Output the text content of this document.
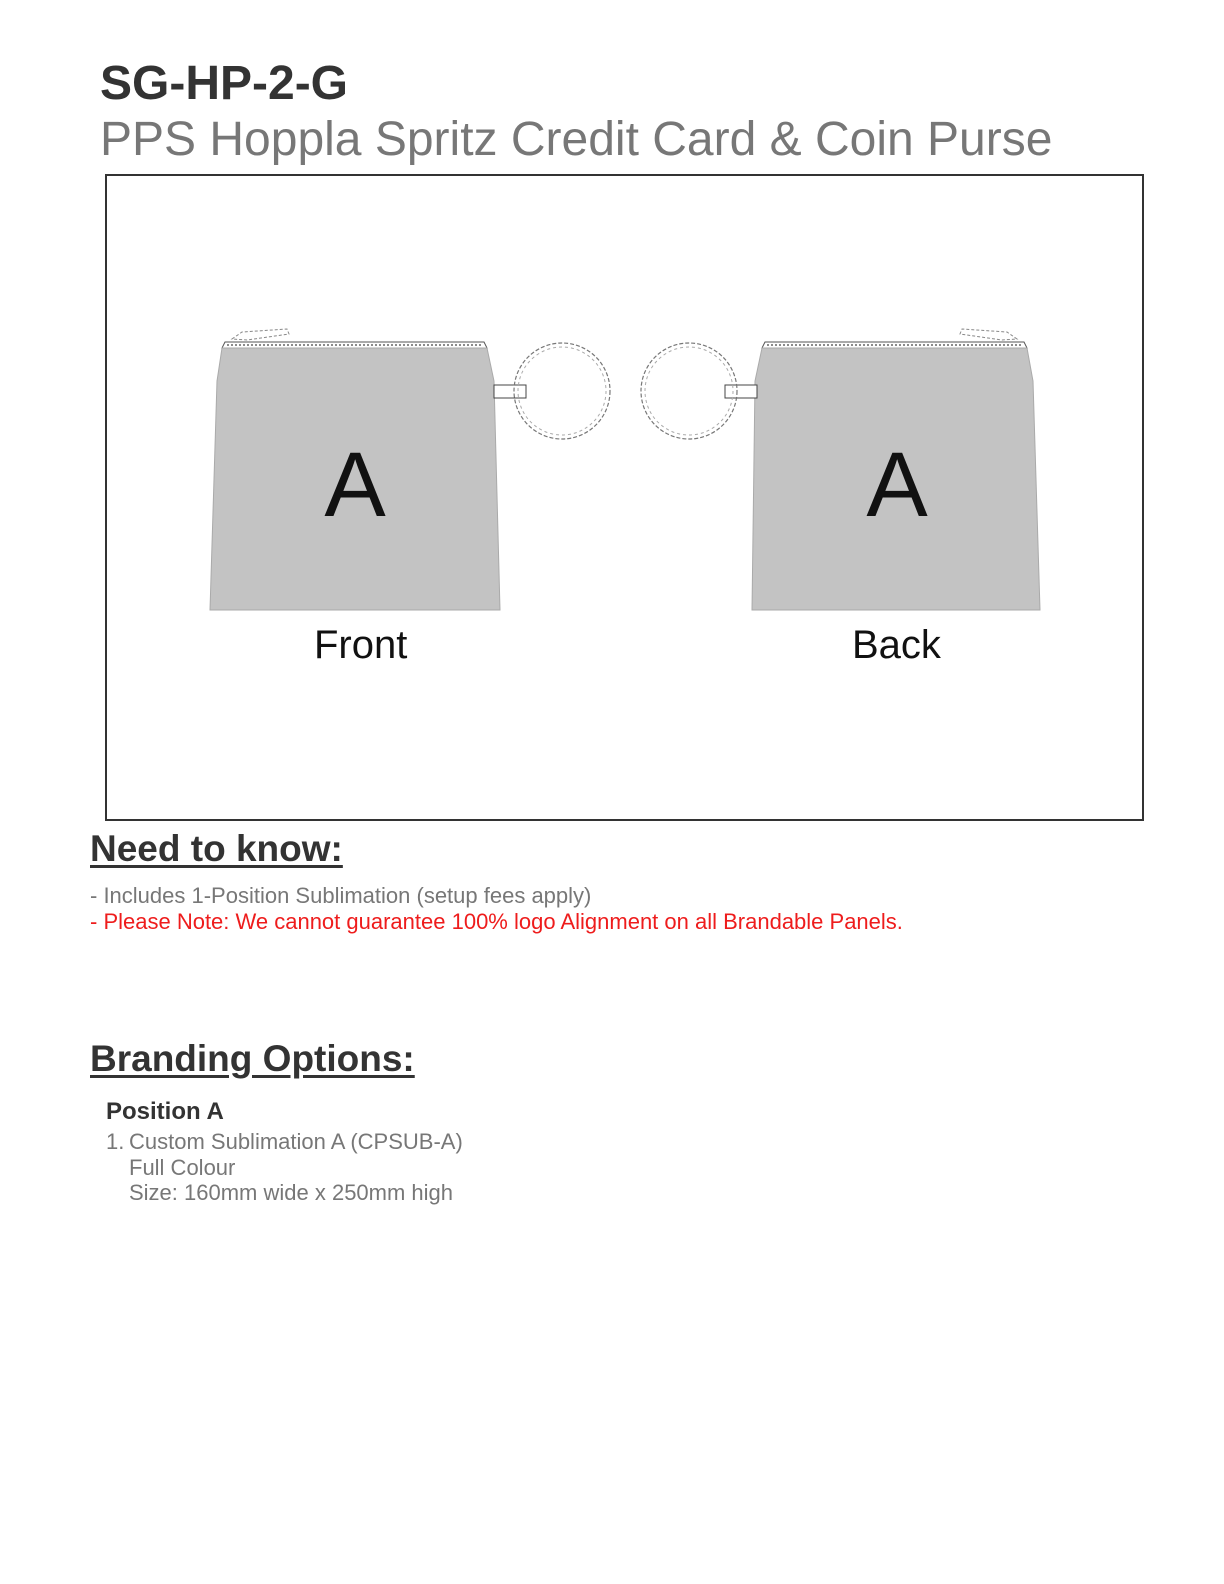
SG-HP-2-G
PPS Hoppla Spritz Credit Card & Coin Purse
A	A
Front	Back
Need to know:
- Includes 1-Position Sublimation (setup fees apply)
- Please Note: We cannot guarantee 100% logo Alignment on all Brandable Panels.
Branding Options:
Position A
1. Custom Sublimation A (CPSUB-A)
Full Colour
Size: 160mm wide x 250mm high
